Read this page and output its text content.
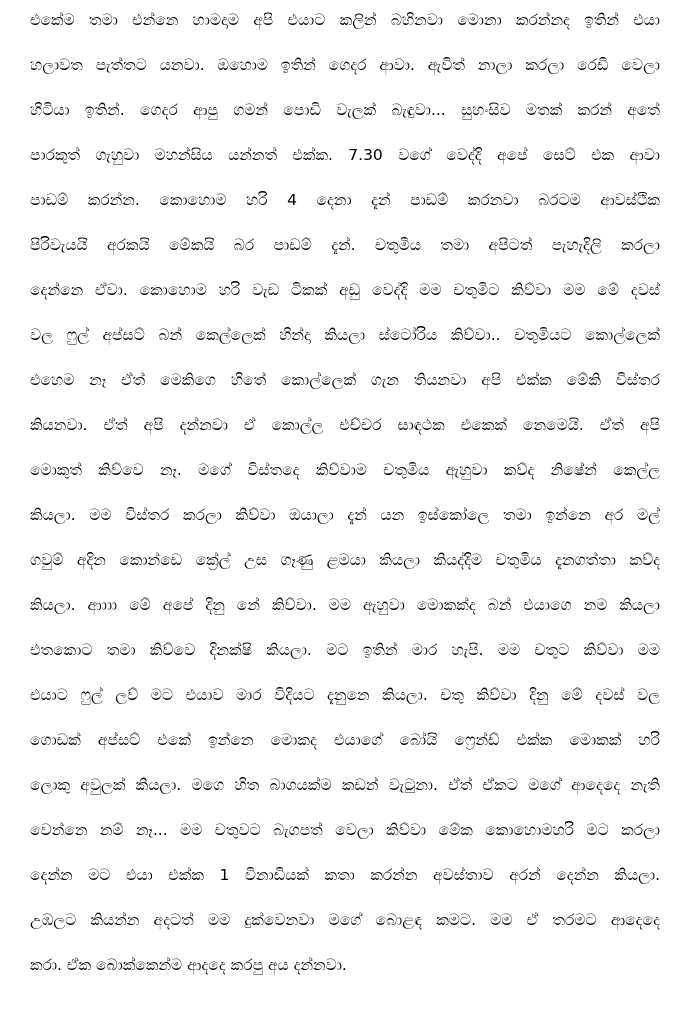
එකේම තමා එන්නෙ හාමදාම අපි එයාට කලින් බහිනවා මොනා කරන්නද ඉතින් එයා
හලාවත පැත්තට යනවා. ඔහොම ඉතින් ගෙදර ආවා. ඇවිත් නාලා කරලා රෙඩි වෙලා
හිටියා ඉතින්. ගෙදර ආපු ගමන් පොඩි වැලක් බැඳුවා... සුහංසිව මතක් කරන් අතේ
පාරකුත් ගැහුවා මහන්සිය යන්නත් එක්ක. 7.30 වගේ වෙද්දි අපේ සෙට් එක ආවා
පාඩම් කරන්න. කොහොම හරි 4 දෙනා දැන් පාඩම් කරනවා බරටම ආවස්ථික
පිරිවැයයි අරකයි මේකයි බර පාඩම් දැන්. චතුමිය තමා අපිටත් පැහැදිලි කරලා
දෙන්නෙ ඒවා. කොහොම හරි වැඩ ටිකක් අඩු වෙද්දි මම චතුමිට කිව්වා මම මේ දවස්
වල ෆුල් අප්සට් බන් කෙල්ලෙක් හින්දා කියලා ස්ටෝරිය කිව්වා.. චතුමියට කොල්ලෙක්
එහෙම නෑ ඒත් මෙකිගෙ හිතේ කොල්ලෙක් ගැන තියනවා අපි එක්ක මේකි විස්තර
කියනවා. ඒත් අපි දන්නවා ඒ කොල්ල එච්චර සාඳථක එකෙක් නෙමෙයි. ඒත් අපි
මොකුත් කිව්වෙ නෑ. මගේ විස්තදෙ කිව්වාම චතුමිය ඇහුවා කව්ද නිෂේන් කෙල්ල
කියලා. මම විස්තර කරලා කිව්වා ඔයාලා දැන් යන ඉස්කෝලෙ තමා ඉන්නෙ අර මල්
ගවුම් අදින කොන්ඩෙ ක්‍රේල් උස ගෑණු ළමයා කියලා කියද්දිම චතුමිය දැනගත්තා කව්ද
කියලා. ආාාා මේ අපේ දිනු නේ කිව්වා. මම ඇහුවා මොකක්ද බන් එයාගෙ නම කියලා
එතකොට තමා කිව්වෙ දිනක්ෂි කියලා. මට ඉතින් මාර හැපි. මම චතුට කිව්වා මම
එයාට ෆුල් ලව් මට එයාව මාර විදියට දැනුනෙ කියලා. චතු කිව්වා දිනු මේ දවස් වල
ගොඩක් අප්සට් එකේ ඉන්නෙ මොකද එයාගේ බෝයි ෆ්‍රෙන්ඩ් එක්ක මොකක් හරි
ලොකු අවුලක් කියලා. මගෙ හිත බාගයක්ම කඩන් වැටුනා. ඒත් ඒකට මගේ ආදෙදෙ නැති
වෙන්නෙ නම් නෑ... මම චතුවට බැගපත් වෙලා කිව්වා මේක කොහොමහරි මට කරලා
දෙන්න මට එයා එක්ක 1 විනාඩියක් කතා කරන්න අවස්තාව අරන් දෙන්න කියලා.
උඹලට කියන්න අදටත් මම දුක්වෙනවා මගේ බොළඳ කමට. මම ඒ තරමට ආදෙදෙ
කරා. ඒක බොක්කෙන්ම ආදදෙ කරපු අය දන්නවා.
